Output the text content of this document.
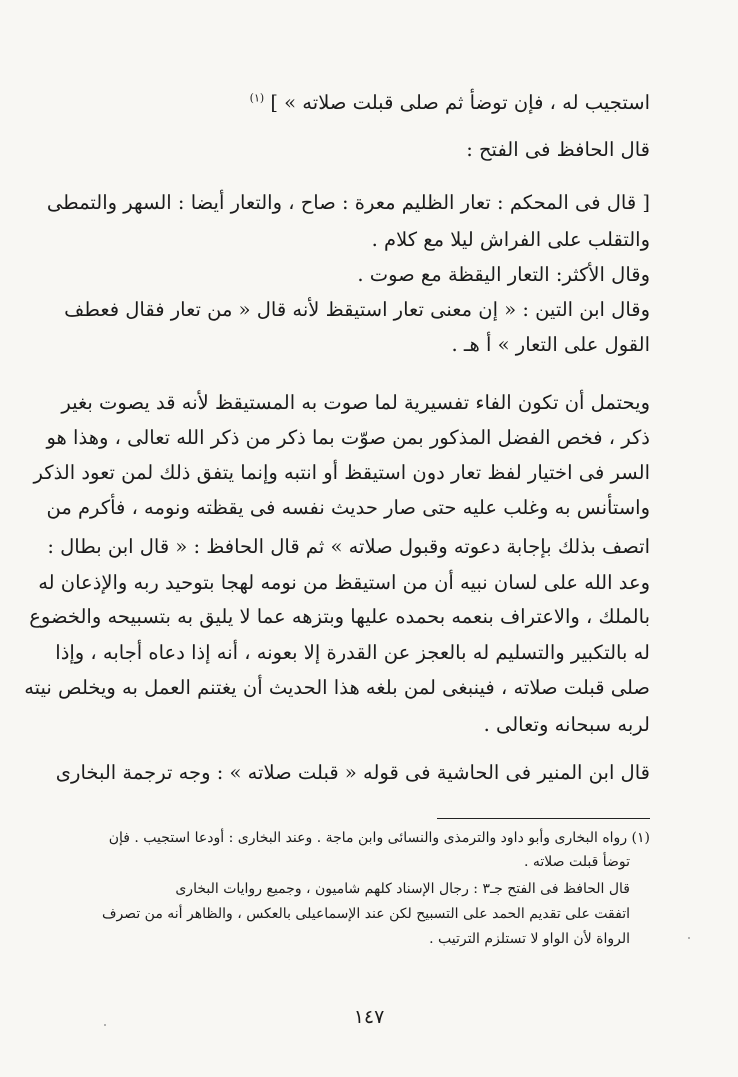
استجيب له ، فإن توضأ ثم صلى قبلت صلاته » ] $^{(١)}$
قال الحافظ فى الفتح :
[ قال فى المحكم : تعار الظليم معرة : صاح ، والتعار أيضا : السهر والتمطى
والتقلب على الفراش ليلا مع كلام .
وقال الأكثر: التعار اليقظة مع صوت .
وقال ابن التين : « إن معنى تعار استيقظ لأنه قال « من تعار فقال فعطف
القول على التعار » أ هـ .
ويحتمل أن تكون الفاء تفسيرية لما صوت به المستيقظ لأنه قد يصوت بغير
ذكر ، فخص الفضل المذكور بمن صوّت بما ذكر من ذكر الله تعالى ، وهذا هو
السر فى اختيار لفظ تعار دون استيقظ أو انتبه وإنما يتفق ذلك لمن تعود الذكر
واستأنس به وغلب عليه حتى صار حديث نفسه فى يقظته ونومه ، فأكرم من
اتصف بذلك بإجابة دعوته وقبول صلاته » ثم قال الحافظ : « قال ابن بطال :
وعد الله على لسان نبيه أن من استيقظ من نومه لهجا بتوحيد ربه والإذعان له
بالملك ، والاعتراف بنعمه بحمده عليها وبتزهه عما لا يليق به بتسبيحه والخضوع
له بالتكبير والتسليم له بالعجز عن القدرة إلا بعونه ، أنه إذا دعاه أجابه ، وإذا
صلى قبلت صلاته ، فينبغى لمن بلغه هذا الحديث أن يغتنم العمل به ويخلص نيته
لربه سبحانه وتعالى .
قال ابن المنير فى الحاشية فى قوله « قبلت صلاته » : وجه ترجمة البخارى
(١) رواه البخارى وأبو داود والترمذى والنسائى وابن ماجة . وعند البخارى : أودعا استجيب . فإن
توضأ قبلت صلاته .
قال الحافظ فى الفتح جـ٣ : رجال الإسناد كلهم شاميون ، وجميع روايات البخارى
اتفقت على تقديم الحمد على التسبيح لكن عند الإسماعيلى بالعكس ، والظاهر أنه من تصرف
الرواة لأن الواو لا تستلزم الترتيب .
١٤٧
